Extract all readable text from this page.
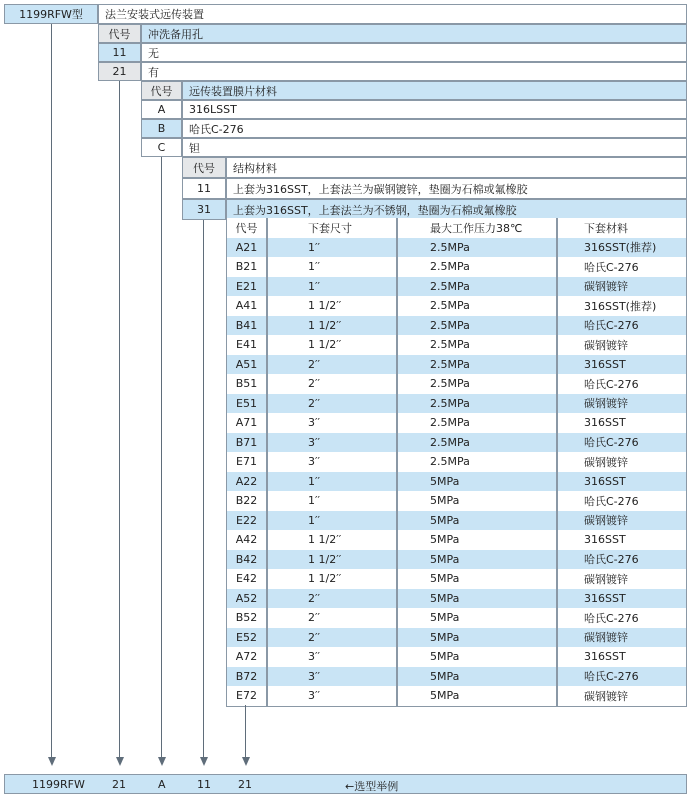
1199RFW型 法兰安装式远传装置
代号 冲洗备用孔
11 无
21 有
代号 远传装置膜片材料
A 316LSST
B 哈氏C-276
C 钽
代号 结构材料
11 上套为316SST，上套法兰为碳钢镀锌，垫圈为石棉或氟橡胶
31 上套为316SST，上套法兰为不锈钢，垫圈为石棉或氟橡胶
代号	下套尺寸	最大工作压力38℃	下套材料
A21	1′′	2.5MPa	316SST(推荐)
B21	1′′	2.5MPa	哈氏C-276
E21	1′′	2.5MPa	碳钢镀锌
A41	1 1/2′′	2.5MPa	316SST(推荐)
B41	1 1/2′′	2.5MPa	哈氏C-276
E41	1 1/2′′	2.5MPa	碳钢镀锌
A51	2′′	2.5MPa	316SST
B51	2′′	2.5MPa	哈氏C-276
E51	2′′	2.5MPa	碳钢镀锌
A71	3′′	2.5MPa	316SST
B71	3′′	2.5MPa	哈氏C-276
E71	3′′	2.5MPa	碳钢镀锌
A22	1′′	5MPa	316SST
B22	1′′	5MPa	哈氏C-276
E22	1′′	5MPa	碳钢镀锌
A42	1 1/2′′	5MPa	316SST
B42	1 1/2′′	5MPa	哈氏C-276
E42	1 1/2′′	5MPa	碳钢镀锌
A52	2′′	5MPa	316SST
B52	2′′	5MPa	哈氏C-276
E52	2′′	5MPa	碳钢镀锌
A72	3′′	5MPa	316SST
B72	3′′	5MPa	哈氏C-276
E72	3′′	5MPa	碳钢镀锌
1199RFW 21	A	11 21	←选型举例
